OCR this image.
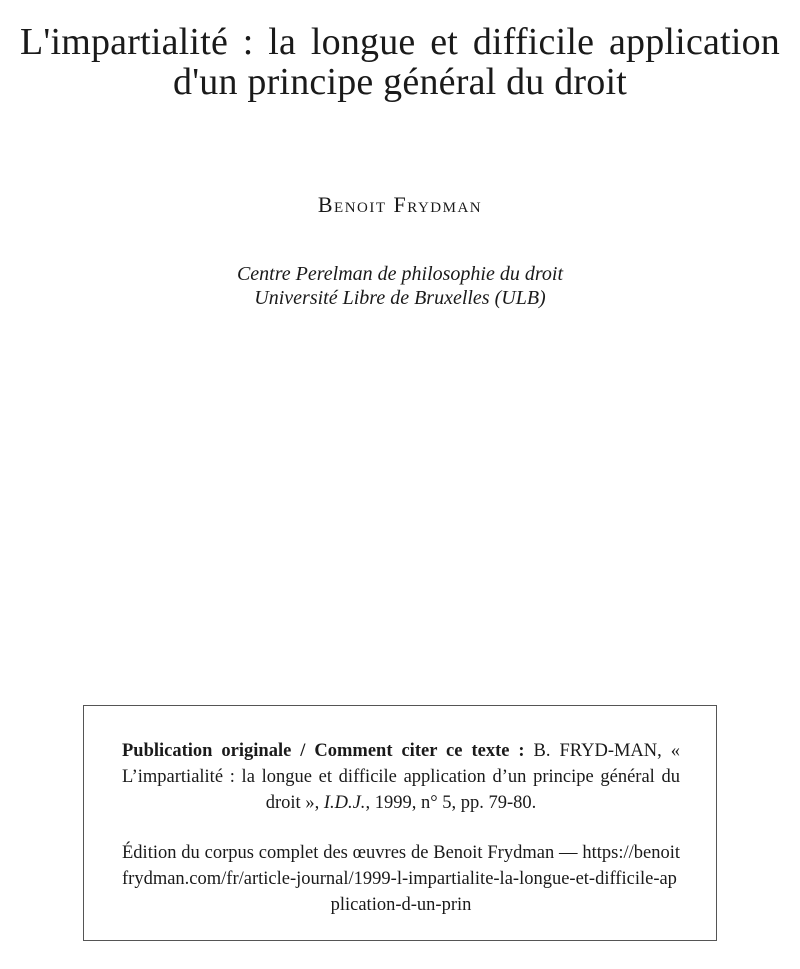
L'impartialité : la longue et difficile application d'un principe général du droit
Benoit Frydman
Centre Perelman de philosophie du droit
Université Libre de Bruxelles (ULB)

Publication originale / Comment citer ce texte : B. FRYD-MAN, « L’impartialité : la longue et difficile application d’un principe général du droit », I.D.J., 1999, n° 5, pp. 79-80.

Édition du corpus complet des œuvres de Benoit Frydman — https://benoitfrydman.com/fr/article-journal/1999-l-impartialite-la-longue-et-difficile-application-d-un-prin
